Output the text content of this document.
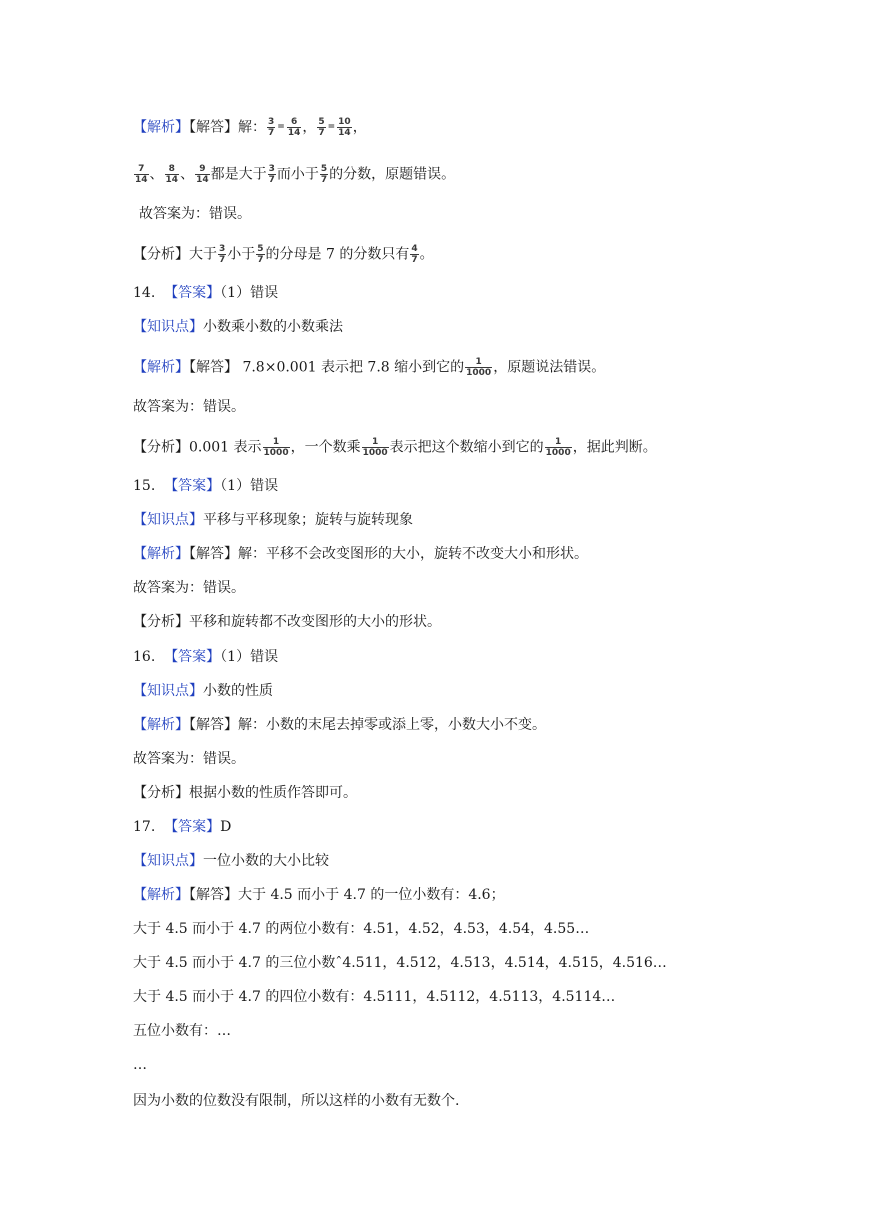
【解析】【解答】解： $\frac{3}{7} ^= \frac{6}{14}$ ， $\frac{5}{7} ^= \frac{10}{14}$ ，
$\frac{7}{14}$ 、 $\frac{8}{14}$ 、 $\frac{9}{14}$ 都是大于 $\frac{3}{7}$ 而小于 $\frac{5}{7}$ 的分数，原题错误。
故答案为：错误。
【分析】大于 $\frac{3}{7}$ 小于 $\frac{5}{7}$ 的分母是 7 的分数只有 $\frac{4}{7}$ 。
14. 【答案】（1）错误
【知识点】小数乘小数的小数乘法
【解析】【解答】 7.8×0.001 表示把 7.8 缩小到它的 $\frac{1}{1000}$ ，原题说法错误。
故答案为：错误。
【分析】0.001 表示 $\frac{1}{1000}$ ，一个数乘 $\frac{1}{1000}$ 表示把这个数缩小到它的 $\frac{1}{1000}$ ，据此判断。
15. 【答案】（1）错误
【知识点】平移与平移现象；旋转与旋转现象
【解析】【解答】解：平移不会改变图形的大小，旋转不改变大小和形状。
故答案为：错误。
【分析】平移和旋转都不改变图形的大小的形状。
16. 【答案】（1）错误
【知识点】小数的性质
【解析】【解答】解：小数的末尾去掉零或添上零，小数大小不变。
故答案为：错误。
【分析】根据小数的性质作答即可。
17. 【答案】D
【知识点】一位小数的大小比较
【解析】【解答】大于 4.5 而小于 4.7 的一位小数有：4.6；
大于 4.5 而小于 4.7 的两位小数有：4.51，4.52，4.53，4.54，4.55…
大于 4.5 而小于 4.7 的三位小数ˆ4.511，4.512，4.513，4.514，4.515，4.516…
大于 4.5 而小于 4.7 的四位小数有：4.5111，4.5112，4.5113，4.5114…
五位小数有：…
…
因为小数的位数没有限制，所以这样的小数有无数个.
